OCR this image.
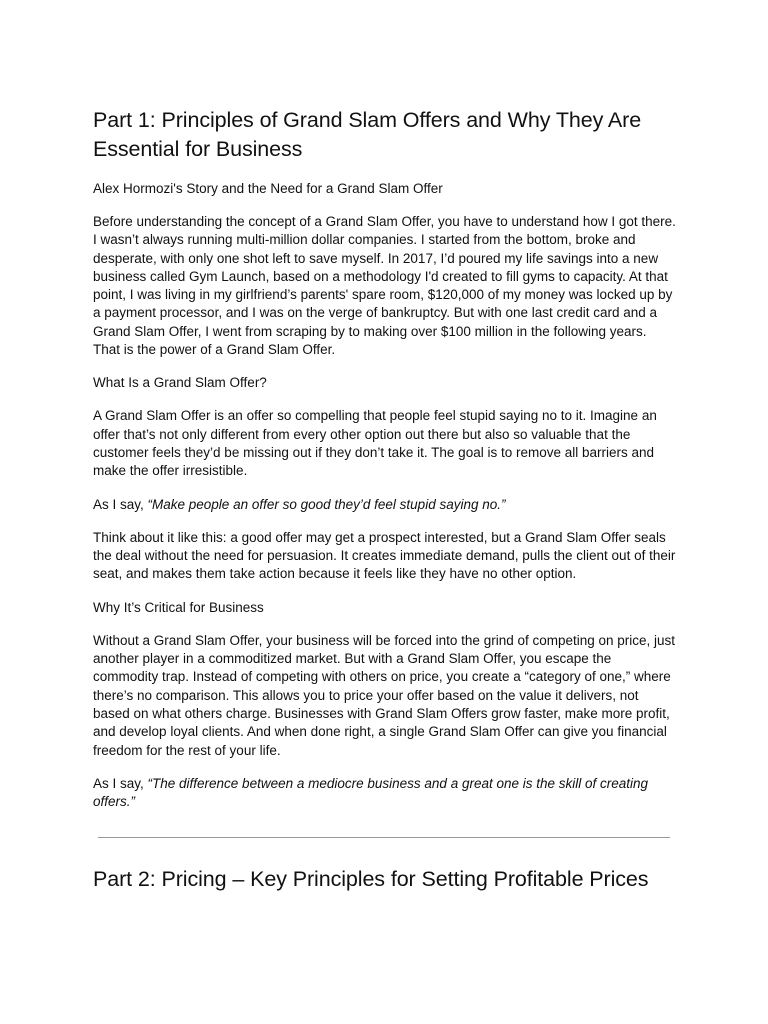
Part 1: Principles of Grand Slam Offers and Why They Are Essential for Business
Alex Hormozi's Story and the Need for a Grand Slam Offer

Before understanding the concept of a Grand Slam Offer, you have to understand how I got there. I wasn’t always running multi-million dollar companies. I started from the bottom, broke and desperate, with only one shot left to save myself. In 2017, I’d poured my life savings into a new business called Gym Launch, based on a methodology I'd created to fill gyms to capacity. At that point, I was living in my girlfriend’s parents' spare room, $120,000 of my money was locked up by a payment processor, and I was on the verge of bankruptcy. But with one last credit card and a Grand Slam Offer, I went from scraping by to making over $100 million in the following years. That is the power of a Grand Slam Offer.

What Is a Grand Slam Offer?

A Grand Slam Offer is an offer so compelling that people feel stupid saying no to it. Imagine an offer that’s not only different from every other option out there but also so valuable that the customer feels they’d be missing out if they don’t take it. The goal is to remove all barriers and make the offer irresistible.

As I say, “Make people an offer so good they’d feel stupid saying no.”

Think about it like this: a good offer may get a prospect interested, but a Grand Slam Offer seals the deal without the need for persuasion. It creates immediate demand, pulls the client out of their seat, and makes them take action because it feels like they have no other option.

Why It’s Critical for Business

Without a Grand Slam Offer, your business will be forced into the grind of competing on price, just another player in a commoditized market. But with a Grand Slam Offer, you escape the commodity trap. Instead of competing with others on price, you create a “category of one,” where there’s no comparison. This allows you to price your offer based on the value it delivers, not based on what others charge. Businesses with Grand Slam Offers grow faster, make more profit, and develop loyal clients. And when done right, a single Grand Slam Offer can give you financial freedom for the rest of your life.

As I say, “The difference between a mediocre business and a great one is the skill of creating offers.”

Part 2: Pricing – Key Principles for Setting Profitable Prices
